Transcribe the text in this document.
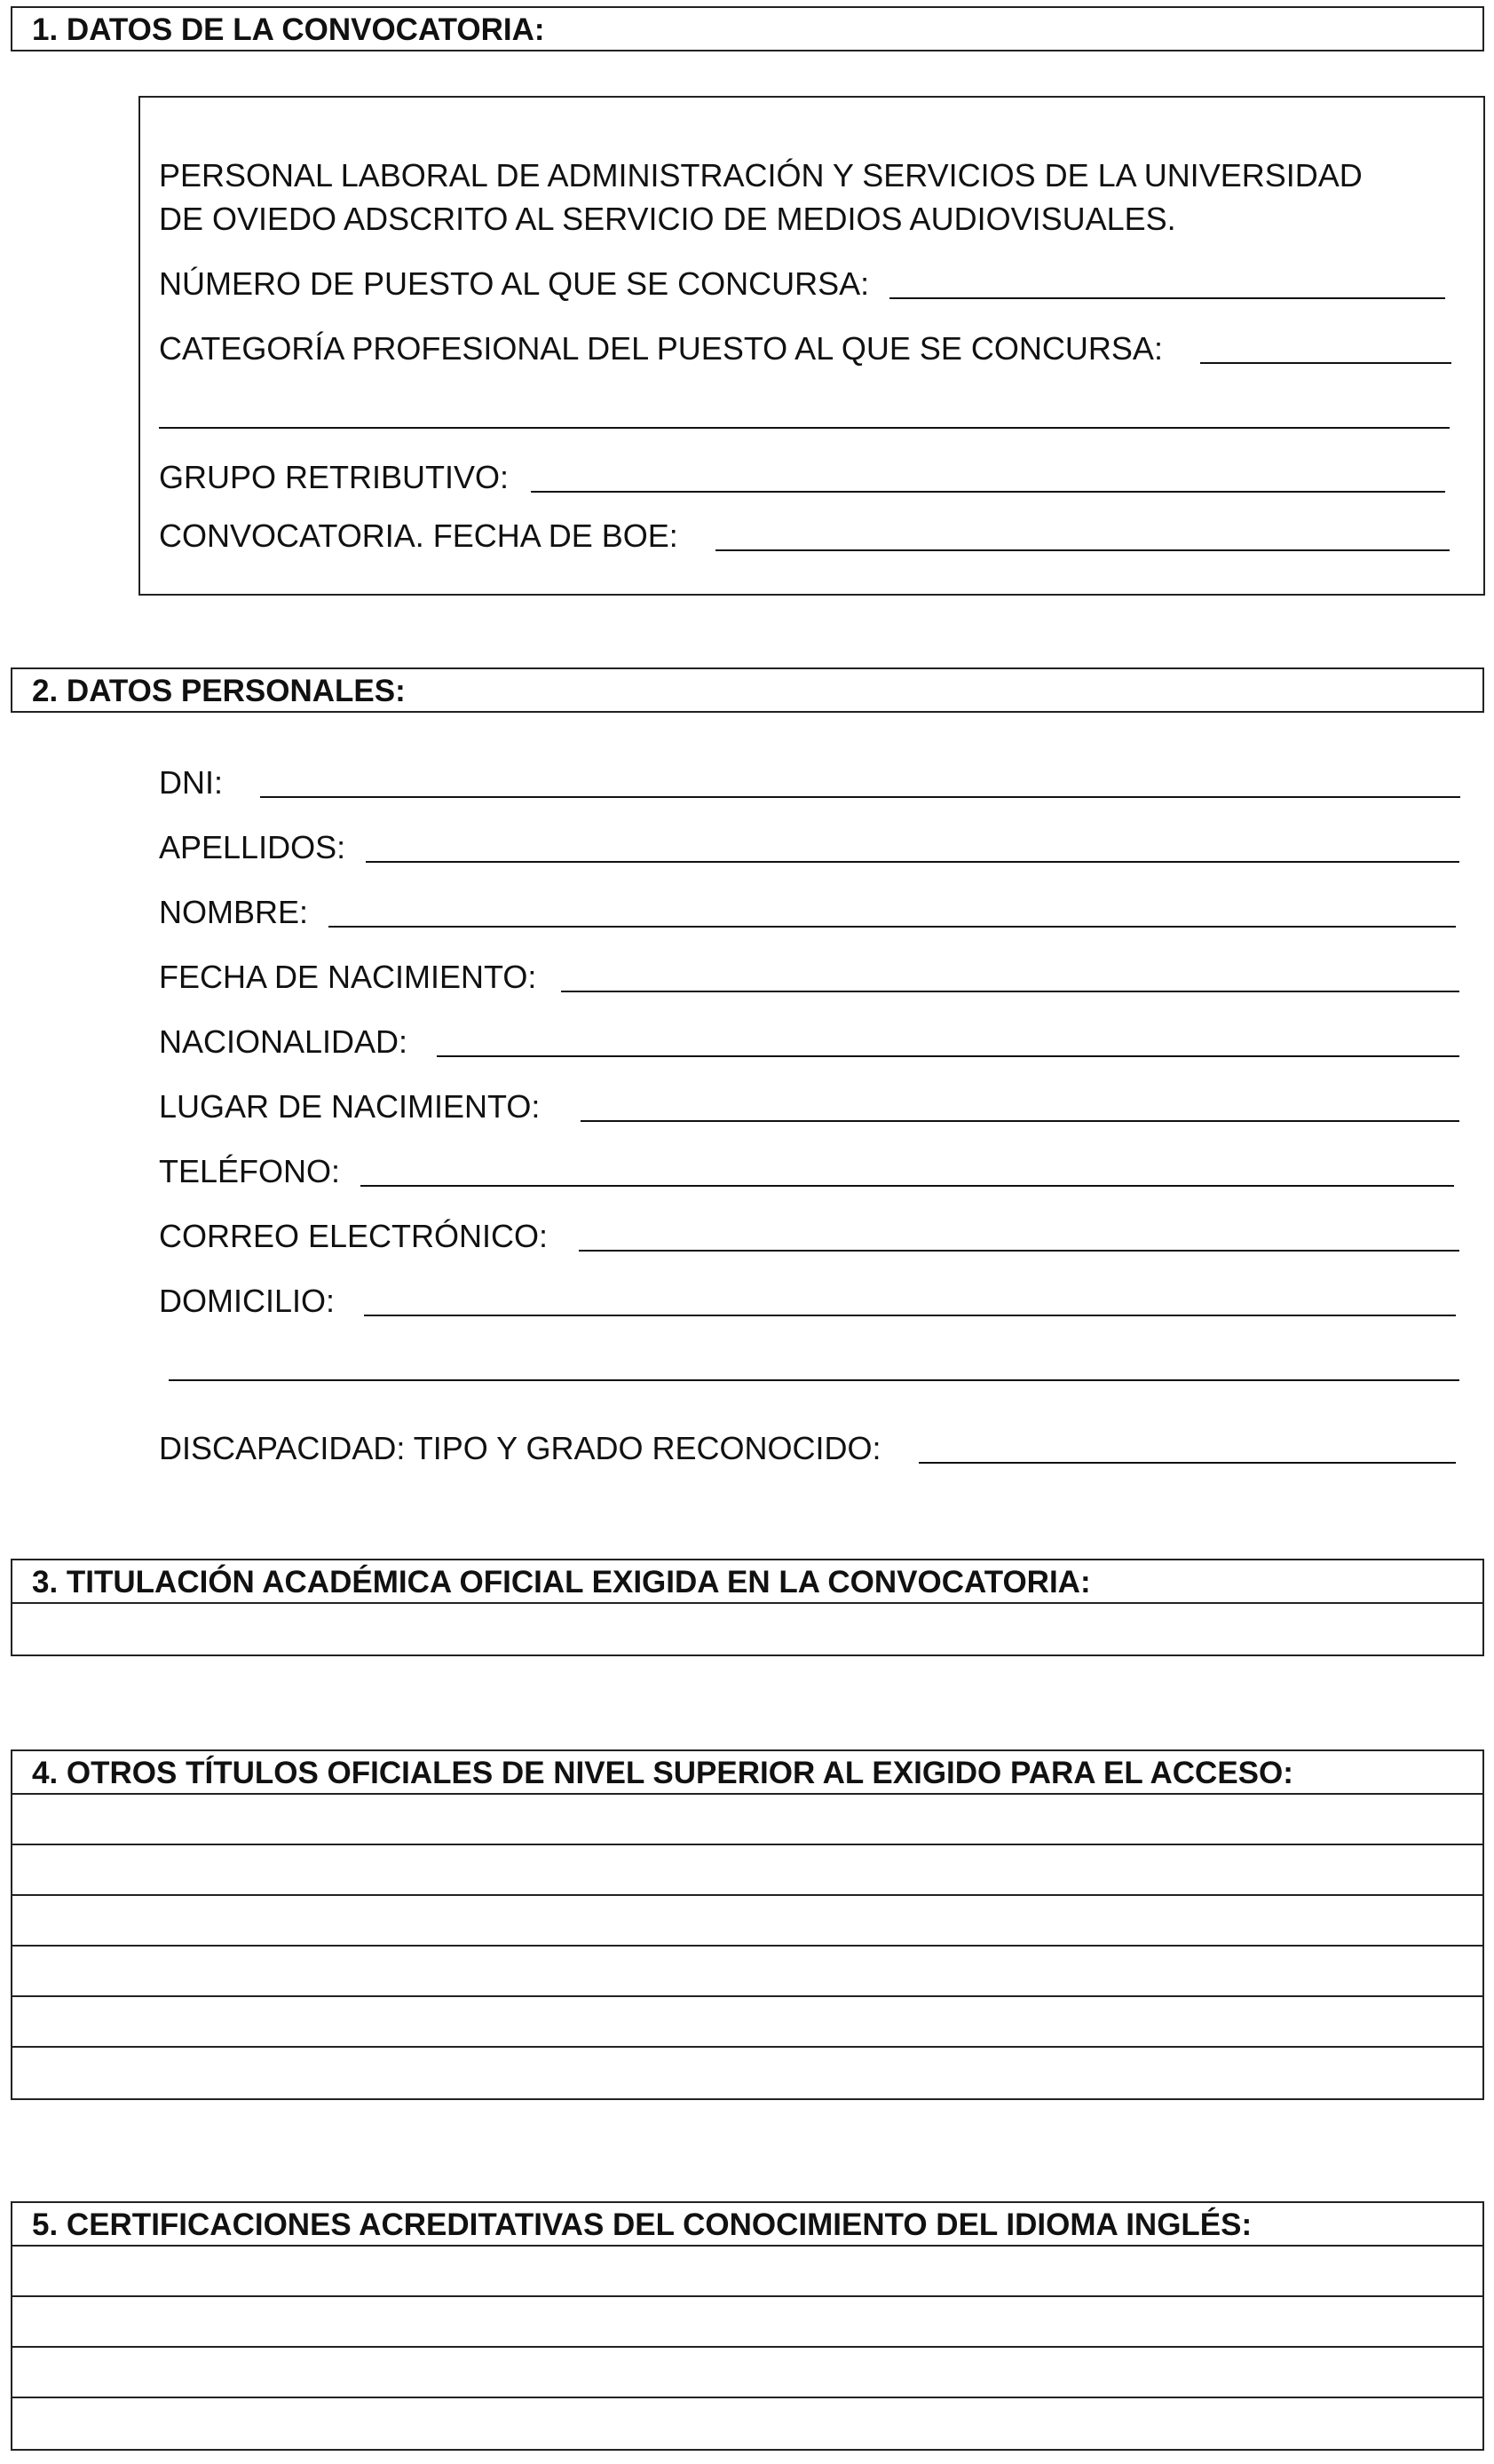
1. DATOS DE LA CONVOCATORIA:
PERSONAL LABORAL DE ADMINISTRACIÓN Y SERVICIOS DE LA UNIVERSIDAD
DE OVIEDO ADSCRITO AL SERVICIO DE MEDIOS AUDIOVISUALES.
NÚMERO DE PUESTO AL QUE SE CONCURSA:
CATEGORÍA PROFESIONAL DEL PUESTO AL QUE SE CONCURSA:
GRUPO RETRIBUTIVO:
CONVOCATORIA. FECHA DE BOE:
2. DATOS PERSONALES:
DNI:
APELLIDOS:
NOMBRE:
FECHA DE NACIMIENTO:
NACIONALIDAD:
LUGAR DE NACIMIENTO:
TELÉFONO:
CORREO ELECTRÓNICO:
DOMICILIO:
DISCAPACIDAD: TIPO Y GRADO RECONOCIDO:
3. TITULACIÓN ACADÉMICA OFICIAL EXIGIDA EN LA CONVOCATORIA:
4. OTROS TÍTULOS OFICIALES DE NIVEL SUPERIOR AL EXIGIDO PARA EL ACCESO:
5. CERTIFICACIONES ACREDITATIVAS DEL CONOCIMIENTO DEL IDIOMA INGLÉS:
